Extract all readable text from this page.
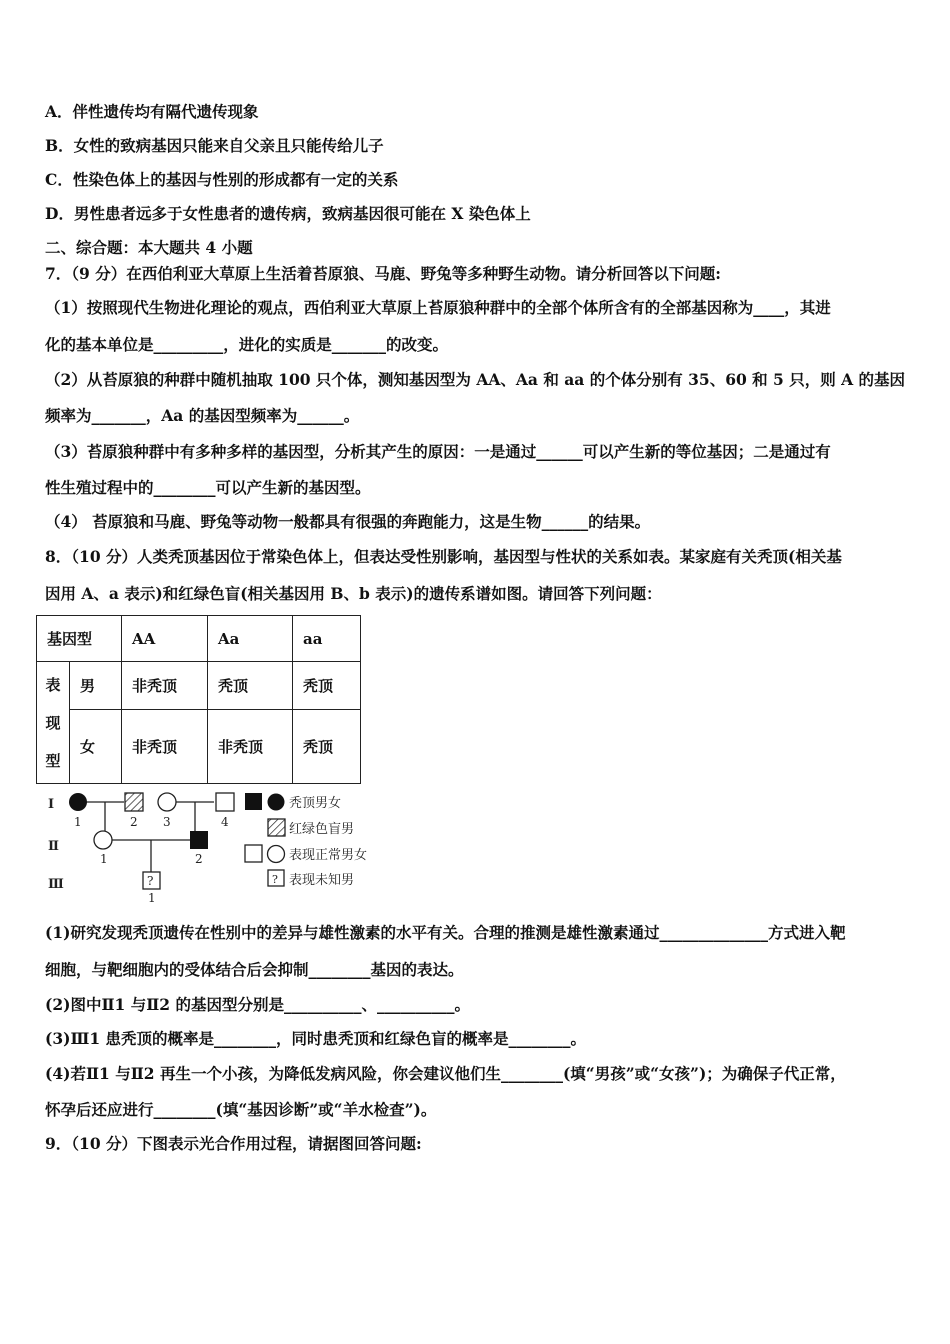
A．伴性遗传均有隔代遗传现象
B．女性的致病基因只能来自父亲且只能传给儿子
C．性染色体上的基因与性别的形成都有一定的关系
D．男性患者远多于女性患者的遗传病，致病基因很可能在 X 染色体上
二、综合题：本大题共 4 小题
7．（9 分）在西伯利亚大草原上生活着苔原狼、马鹿、野兔等多种野生动物。请分析回答以下问题:
（1）按照现代生物进化理论的观点，西伯利亚大草原上苔原狼种群中的全部个体所含有的全部基因称为____，其进
化的基本单位是_________，进化的实质是_______的改变。
（2）从苔原狼的种群中随机抽取 100 只个体，测知基因型为 AA、Aa 和 aa 的个体分别有 35、60 和 5 只，则 A 的基因
频率为_______，Aa 的基因型频率为______。
（3）苔原狼种群中有多种多样的基因型，分析其产生的原因：一是通过______可以产生新的等位基因；二是通过有
性生殖过程中的________可以产生新的基因型。
（4） 苔原狼和马鹿、野兔等动物一般都具有很强的奔跑能力，这是生物______的结果。
8．（10 分）人类秃顶基因位于常染色体上，但表达受性别影响，基因型与性状的关系如表。某家庭有关秃顶(相关基
因用 A、a 表示)和红绿色盲(相关基因用 B、b 表示)的遗传系谱如图。请回答下列问题：
基因型		AA	Aa	aa

表
现
型	男	非秃顶	秃顶	秃顶
	女	非秃顶	非秃顶	秃顶
Ⅰ
Ⅱ
Ⅲ	?
1	2 3	4
1	2
1
秃顶男女
红绿色盲男
表现正常男女
? 表现未知男
(1)研究发现秃顶遗传在性别中的差异与雄性激素的水平有关。合理的推测是雄性激素通过______________方式进入靶
细胞，与靶细胞内的受体结合后会抑制________基因的表达。
(2)图中Ⅱ1 与Ⅱ2 的基因型分别是__________、__________。
(3)Ⅲ1 患秃顶的概率是________，同时患秃顶和红绿色盲的概率是________。
(4)若Ⅱ1 与Ⅱ2 再生一个小孩，为降低发病风险，你会建议他们生________(填“男孩”或“女孩”)；为确保子代正常，
怀孕后还应进行________(填“基因诊断”或“羊水检查”)。
9．（10 分）下图表示光合作用过程，请据图回答问题:
